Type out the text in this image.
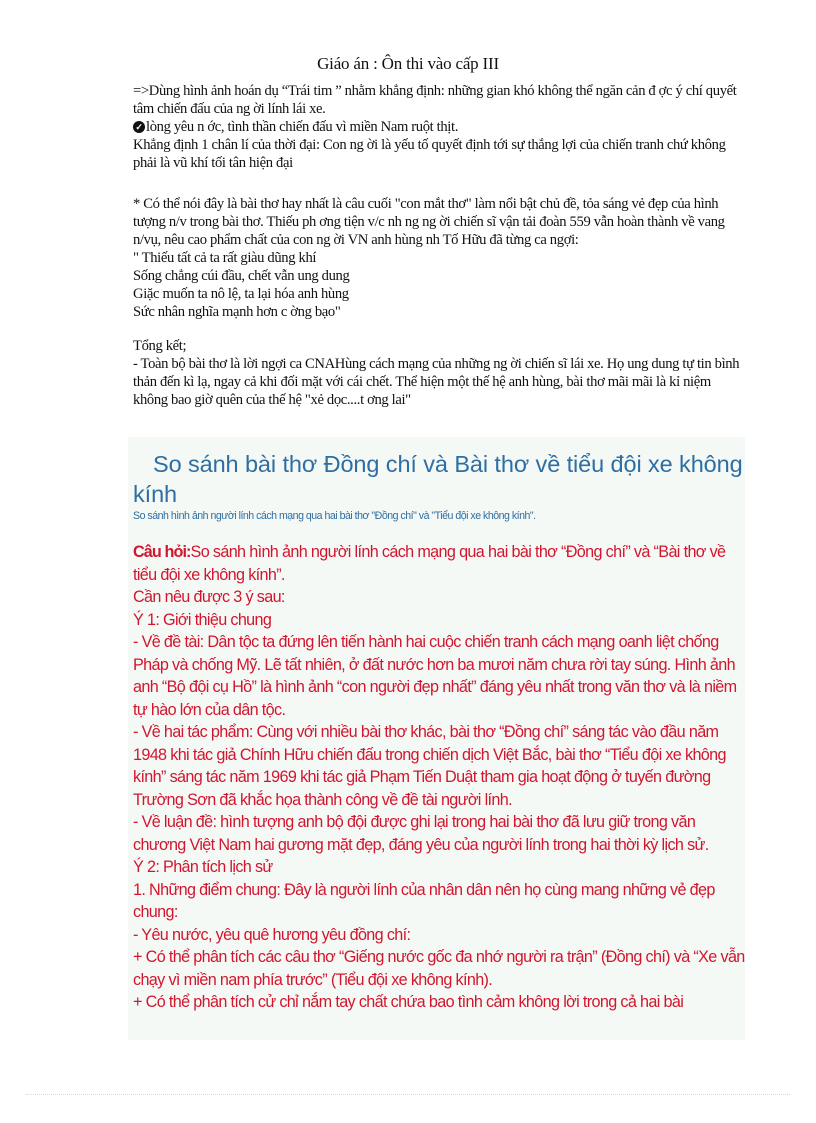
Giáo án : Ôn thi vào cấp III

=>Dùng hình ảnh hoán dụ “Trái tim ” nhằm khẳng định: những gian khó không thể ngăn cản đ ợc ý chí quyết tâm chiến đấu của ng ời lính lái xe.

✓ lòng yêu n ớc, tình thần chiến đấu vì miền Nam ruột thịt.

Khẳng định 1 chân lí của thời đại: Con ng ời là yếu tố quyết định tới sự thắng lợi của chiến tranh chứ không phải là vũ khí tối tân hiện đại

* Có thể nói đây là bài thơ hay nhất là câu cuối "con mắt thơ" làm nổi bật chủ đề, tỏa sáng vẻ đẹp của hình tượng n/v trong bài thơ. Thiếu ph ơng tiện v/c nh ng ng ời chiến sĩ vận tải đoàn 559 vẫn hoàn thành về vang n/vụ, nêu cao phẩm chất của con ng ời VN anh hùng nh Tố Hữu đã từng ca ngợi:

" Thiếu tất cả ta rất giàu dũng khí

Sống chẳng cúi đầu, chết vẫn ung dung

Giặc muốn ta nô lệ, ta lại hóa anh hùng

Sức nhân nghĩa mạnh hơn c ờng bạo"

Tổng kết;

- Toàn bộ bài thơ là lời ngợi ca CNAHùng cách mạng của những ng ời chiến sĩ lái xe. Họ ung dung tự tin bình thản đến kì lạ, ngay cả khi đối mặt với cái chết. Thể hiện một thế hệ anh hùng, bài thơ mãi mãi là kỉ niệm không bao giờ quên của thế hệ "xẻ dọc....t ơng lai"

So sánh bài thơ Đồng chí và Bài thơ về tiểu đội xe không kính
So sánh hình ảnh người lính cách mạng qua hai bài thơ "Đồng chí" và "Tiểu đội xe không kính".

Câu hỏi:So sánh hình ảnh người lính cách mạng qua hai bài thơ “Đồng chí” và “Bài thơ về tiểu đội xe không kính”.

Cần nêu được 3 ý sau:

Ý 1: Giới thiệu chung

- Về đề tài: Dân tộc ta đứng lên tiến hành hai cuộc chiến tranh cách mạng oanh liệt chống Pháp và chống Mỹ. Lẽ tất nhiên, ở đất nước hơn ba mươi năm chưa rời tay súng. Hình ảnh anh “Bộ đội cụ Hồ” là hình ảnh “con người đẹp nhất” đáng yêu nhất trong văn thơ và là niềm tự hào lớn của dân tộc.

- Về hai tác phẩm: Cùng với nhiều bài thơ khác, bài thơ “Đồng chí” sáng tác vào đầu năm 1948 khi tác giả Chính Hữu chiến đấu trong chiến dịch Việt Bắc, bài thơ “Tiểu đội xe không kính” sáng tác năm 1969 khi tác giả Phạm Tiến Duật tham gia hoạt động ở tuyến đường Trường Sơn đã khắc họa thành công về đề tài người lính.

- Về luận đề: hình tượng anh bộ đội được ghi lại trong hai bài thơ đã lưu giữ trong văn chương Việt Nam hai gương mặt đẹp, đáng yêu của người lính trong hai thời kỳ lịch sử.

Ý 2: Phân tích lịch sử

1. Những điểm chung: Đây là người lính của nhân dân nên họ cùng mang những vẻ đẹp chung:

- Yêu nước, yêu quê hương yêu đồng chí:

+ Có thể phân tích các câu thơ “Giếng nước gốc đa nhớ người ra trận” (Đồng chí) và “Xe vẫn chạy vì miền nam phía trước” (Tiểu đội xe không kính).

+ Có thể phân tích cử chỉ nắm tay chất chứa bao tình cảm không lời trong cả hai bài
